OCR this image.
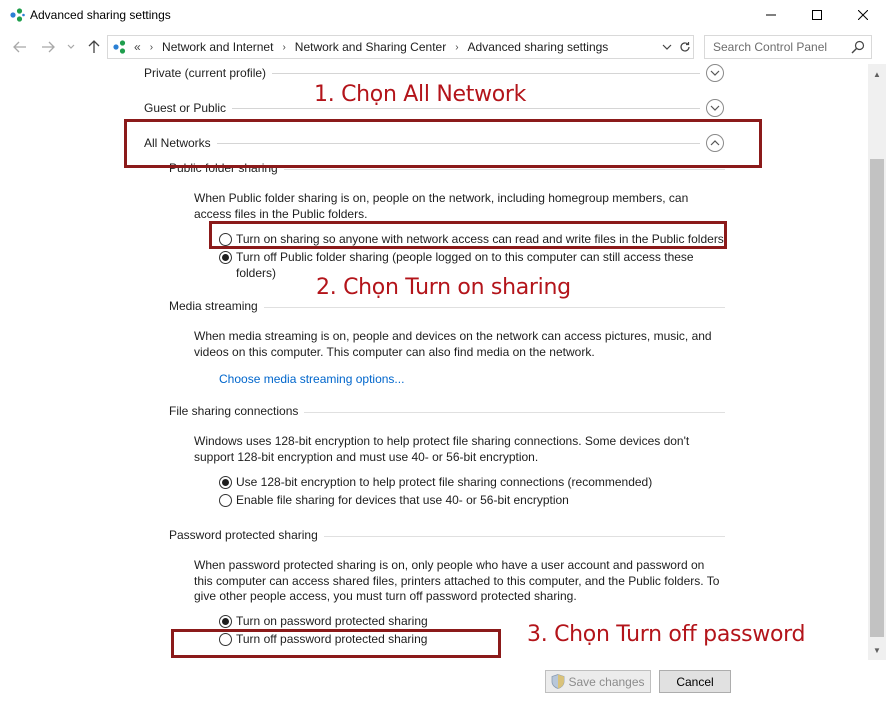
Advanced sharing settings
« › Network and Internet › Network and Sharing Center › Advanced sharing settings
Search Control Panel
Private (current profile)
Guest or Public
All Networks
Public folder sharing
When Public folder sharing is on, people on the network, including homegroup members, can access files in the Public folders.
Turn on sharing so anyone with network access can read and write files in the Public folders
Turn off Public folder sharing (people logged on to this computer can still access these folders)
Media streaming
When media streaming is on, people and devices on the network can access pictures, music, and videos on this computer. This computer can also find media on the network.
Choose media streaming options...
File sharing connections
Windows uses 128-bit encryption to help protect file sharing connections. Some devices don't support 128-bit encryption and must use 40- or 56-bit encryption.
Use 128-bit encryption to help protect file sharing connections (recommended)
Enable file sharing for devices that use 40- or 56-bit encryption
Password protected sharing
When password protected sharing is on, only people who have a user account and password on this computer can access shared files, printers attached to this computer, and the Public folders. To give other people access, you must turn off password protected sharing.
Turn on password protected sharing
Turn off password protected sharing
▲
▼
1. Chọn All Network
2. Chọn Turn on sharing
3. Chọn Turn off password
Save changes	Cancel
